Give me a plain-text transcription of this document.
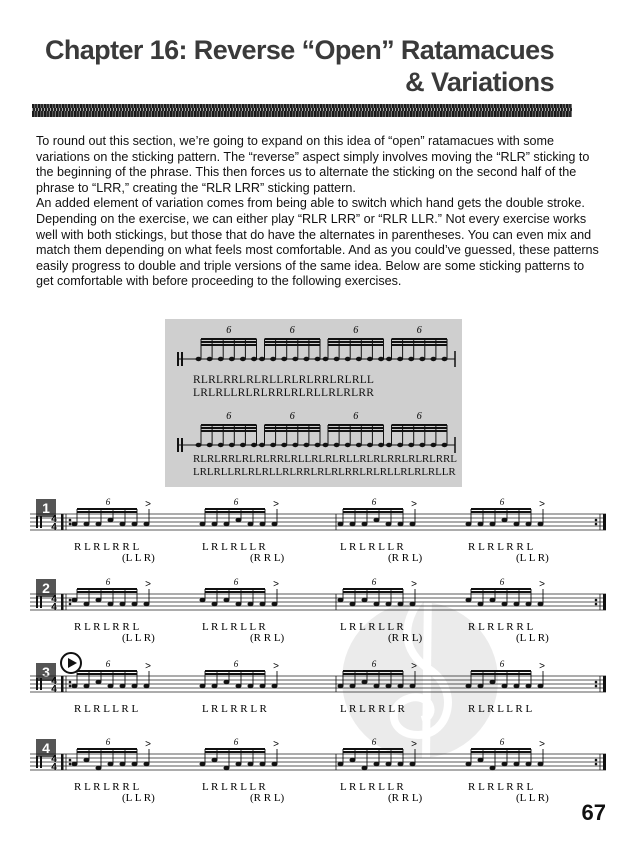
Chapter 16: Reverse “Open” Ratamacues
& Variations

To round out this section, we’re going to expand on this idea of “open” ratamacues with some variations on the sticking pattern. The “reverse” aspect simply involves moving the “RLR” sticking to the beginning of the phrase. This then forces us to alternate the sticking on the second half of the phrase to “LRR,” creating the “RLR LRR” sticking pattern.

An added element of variation comes from being able to switch which hand gets the double stroke. Depending on the exercise, we can either play “RLR LRR” or “RLR LLR.” Not every exercise works well with both stickings, but those that do have the alternates in parentheses. You can even mix and match them depending on what feels most comfortable. And as you could’ve guessed, these patterns easily progress to double and triple versions of the same idea. Below are some sticking patterns to get comfortable with before proceeding to the following exercises.

6	6	6	6
RLRLRRLRLRLLRLRLRRLRLRLL
LRLRLLRLRLRRLRLRLLRLRLRR
6	6	6	6
RLRLRRLRLRLRRLRLLRLRLRLLRLRLRRLRLRLRRL
LRLRLLRLRLRLLRLRRLRLRLRRLRLRLLRLRLRLLR
1
4
4
6	>
R L R L R R L
(L L R)
6	>
L R L R L L R
(R R L)
6	>
L R L R L L R
(R R L)
6	>
R L R L R R L
(L L R)
2
4
4
6	>
R L R L R R L
(L L R)
6	>
L R L R L L R
(R R L)
6	>
L R L R L L R
(R R L)
6	>
R L R L R R L
(L L R)
3
4
4
6	>
R L R L L R L
6	>
L R L R R L R
6	>
L R L R R L R
6	>
R L R L L R L
4
4
4
6	>
R L R L R R L
(L L R)
6	>
L R L R L L R
(R R L)
6	>
L R L R L L R
(R R L)
6	>
R L R L R R L
(L L R)
67
